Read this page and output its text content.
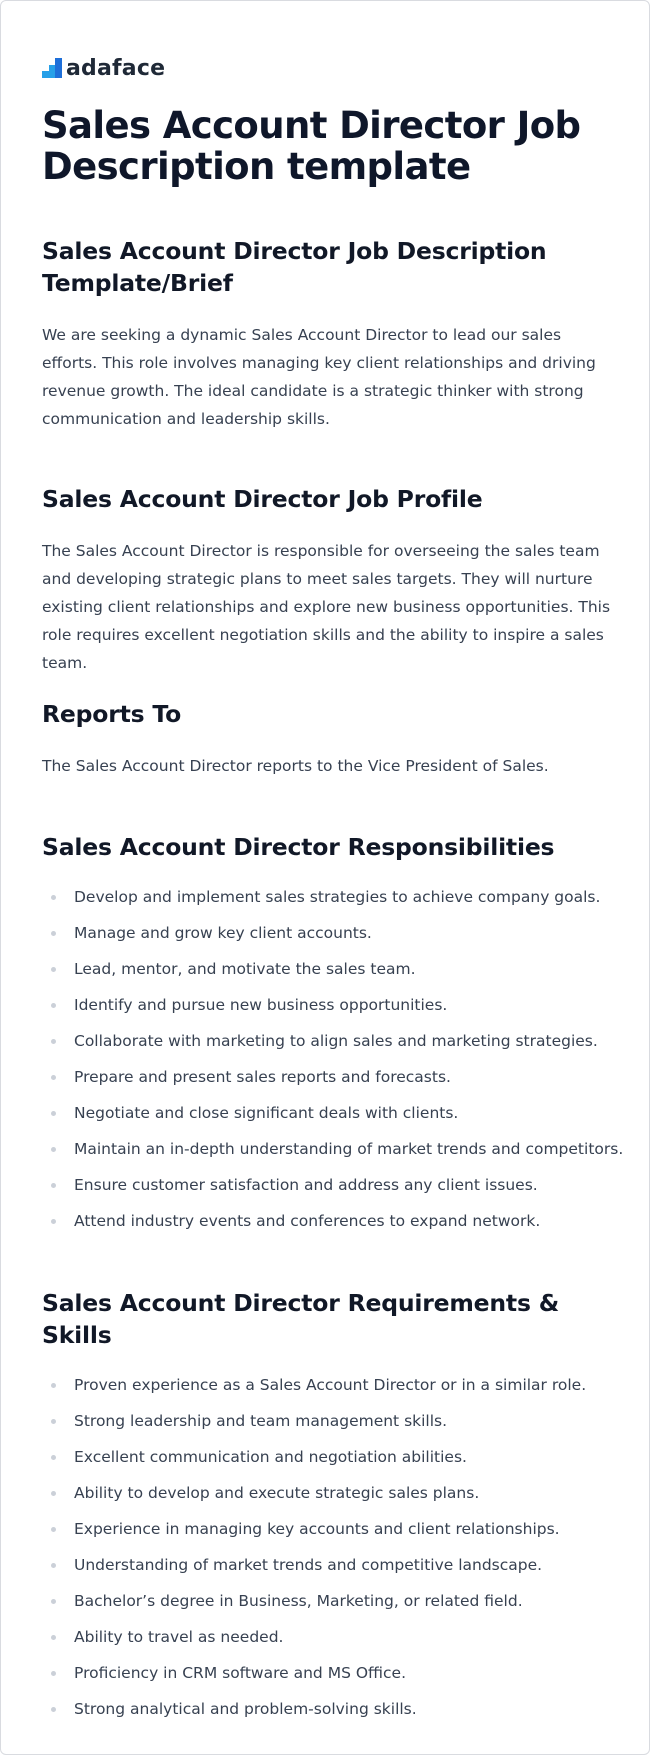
adaface
Sales Account Director Job Description template
Sales Account Director Job Description Template/Brief

We are seeking a dynamic Sales Account Director to lead our sales efforts. This role involves managing key client relationships and driving revenue growth. The ideal candidate is a strategic thinker with strong communication and leadership skills.

Sales Account Director Job Profile

The Sales Account Director is responsible for overseeing the sales team and developing strategic plans to meet sales targets. They will nurture existing client relationships and explore new business opportunities. This role requires excellent negotiation skills and the ability to inspire a sales team.

Reports To

The Sales Account Director reports to the Vice President of Sales.

Sales Account Director Responsibilities
Develop and implement sales strategies to achieve company goals.
Manage and grow key client accounts.
Lead, mentor, and motivate the sales team.
Identify and pursue new business opportunities.
Collaborate with marketing to align sales and marketing strategies.
Prepare and present sales reports and forecasts.
Negotiate and close significant deals with clients.
Maintain an in-depth understanding of market trends and competitors.
Ensure customer satisfaction and address any client issues.
Attend industry events and conferences to expand network.
Sales Account Director Requirements & Skills
Proven experience as a Sales Account Director or in a similar role.
Strong leadership and team management skills.
Excellent communication and negotiation abilities.
Ability to develop and execute strategic sales plans.
Experience in managing key accounts and client relationships.
Understanding of market trends and competitive landscape.
Bachelor’s degree in Business, Marketing, or related field.
Ability to travel as needed.
Proficiency in CRM software and MS Office.
Strong analytical and problem-solving skills.
